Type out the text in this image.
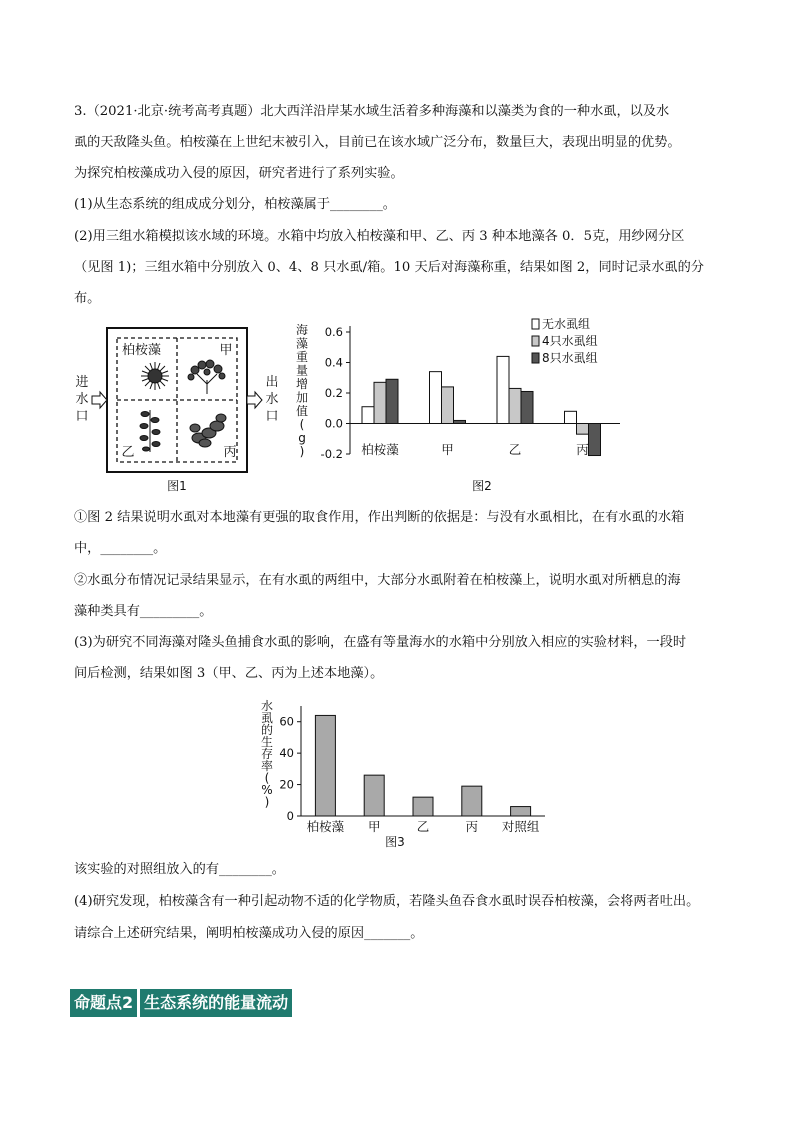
3.（2021·北京·统考高考真题）北大西洋沿岸某水域生活着多种海藻和以藻类为食的一种水虱，以及水
虱的天敌隆头鱼。柏桉藻在上世纪末被引入，目前已在该水域广泛分布，数量巨大，表现出明显的优势。
为探究柏桉藻成功入侵的原因，研究者进行了系列实验。
(1)从生态系统的组成成分划分，柏桉藻属于________。
(2)用三组水箱模拟该水域的环境。水箱中均放入柏桉藻和甲、乙、丙 3 种本地藻各 0．5克，用纱网分区
（见图 1)；三组水箱中分别放入 0、4、8 只水虱/箱。10 天后对海藻称重，结果如图 2，同时记录水虱的分
布。
进水口
出水口
柏桉藻	甲
乙	丙
图1
-0.2
0.0
0.2
0.4
0.6
海藻重量增加值( g )	柏桉藻	甲	乙	丙
无水虱组
4只水虱组
8只水虱组
图2
①图 2 结果说明水虱对本地藻有更强的取食作用，作出判断的依据是：与没有水虱相比，在有水虱的水箱
中，________。
②水虱分布情况记录结果显示，在有水虱的两组中，大部分水虱附着在柏桉藻上，说明水虱对所栖息的海
藻种类具有_________。
(3)为研究不同海藻对隆头鱼捕食水虱的影响，在盛有等量海水的水箱中分别放入相应的实验材料，一段时
间后检测，结果如图 3（甲、乙、丙为上述本地藻）。
0
20
40
60
水虱的生存率( % )
柏桉藻 甲	乙	丙 对照组
图3
该实验的对照组放入的有________。
(4)研究发现，柏桉藻含有一种引起动物不适的化学物质，若隆头鱼吞食水虱时误吞柏桉藻，会将两者吐出。
请综合上述研究结果，阐明柏桉藻成功入侵的原因_______。
命题点2 生态系统的能量流动
